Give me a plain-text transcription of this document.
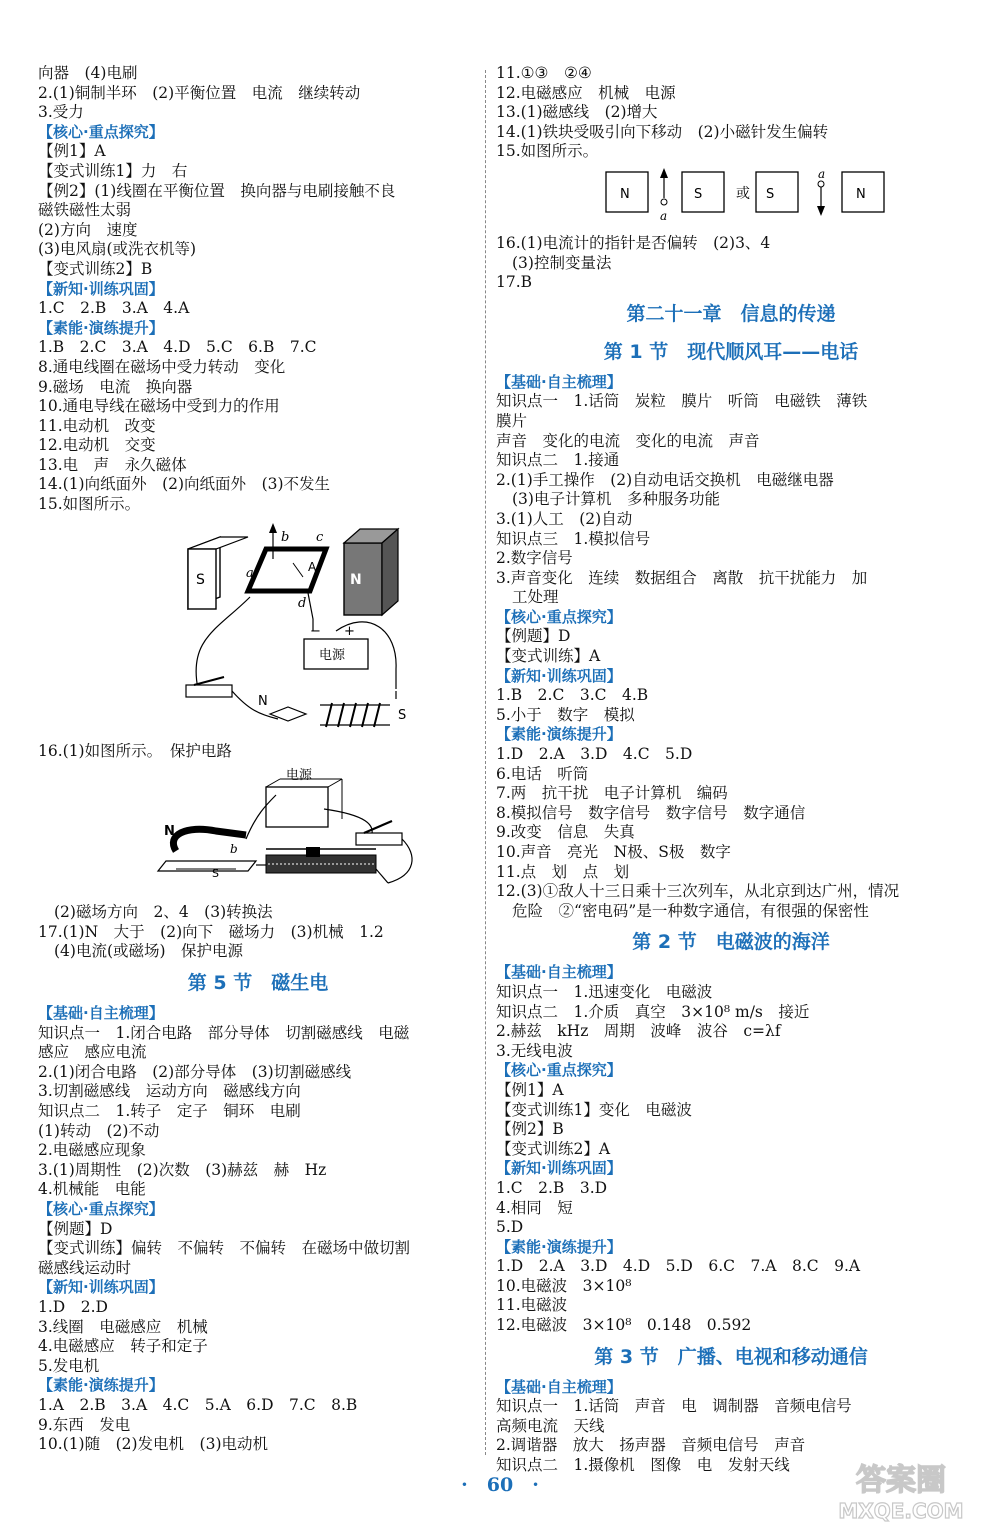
向器　(4)电刷
2.(1)铜制半环　(2)平衡位置　电流　继续转动
3.受力
【核心·重点探究】
【例1】A
【变式训练1】力　右
【例2】(1)线圈在平衡位置　换向器与电刷接触不良
磁铁磁性太弱
(2)方向　速度
(3)电风扇(或洗衣机等)
【变式训练2】B
【新知·训练巩固】
1.C　2.B　3.A　4.A
【素能·演练提升】
1.B　2.C　3.A　4.D　5.C　6.B　7.C
8.通电线圈在磁场中受力转动　变化
9.磁场　电流　换向器
10.通电导线在磁场中受到力的作用
11.电动机　改变
12.电动机　交变
13.电　声　永久磁体
14.(1)向纸面外　(2)向纸面外　(3)不发生
15.如图所示。
S	N
b
a
c
d
A
电源
− +
N
S
16.(1)如图所示。　保护电路
电源
N
b
S
(2)磁场方向　2、4　(3)转换法
17.(1)N　大于　(2)向下　磁场力　(3)机械　1.2
(4)电流(或磁场)　保护电源
第 5 节　磁生电
【基础·自主梳理】
知识点一　1.闭合电路　部分导体　切割磁感线　电磁
感应　感应电流
2.(1)闭合电路　(2)部分导体　(3)切割磁感线
3.切割磁感线　运动方向　磁感线方向
知识点二　1.转子　定子　铜环　电刷
(1)转动　(2)不动
2.电磁感应现象
3.(1)周期性　(2)次数　(3)赫兹　赫　Hz
4.机械能　电能
【核心·重点探究】
【例题】D
【变式训练】偏转　不偏转　不偏转　在磁场中做切割
磁感线运动时
【新知·训练巩固】
1.D　2.D
3.线圈　电磁感应　机械
4.电磁感应　转子和定子
5.发电机
【素能·演练提升】
1.A　2.B　3.A　4.C　5.A　6.D　7.C　8.B
9.东西　发电
10.(1)随　(2)发电机　(3)电动机
11.①③　②④
12.电磁感应　机械　电源
13.(1)磁感线　(2)增大
14.(1)铁块受吸引向下移动　(2)小磁针发生偏转
15.如图所示。
N
a
S 或 S
a
N
16.(1)电流计的指针是否偏转　(2)3、4
(3)控制变量法
17.B
第二十一章　信息的传递
第 1 节　现代顺风耳——电话
【基础·自主梳理】
知识点一　1.话筒　炭粒　膜片　听筒　电磁铁　薄铁
膜片
声音　变化的电流　变化的电流　声音
知识点二　1.接通
2.(1)手工操作　(2)自动电话交换机　电磁继电器
(3)电子计算机　多种服务功能
3.(1)人工　(2)自动
知识点三　1.模拟信号
2.数字信号
3.声音变化　连续　数据组合　离散　抗干扰能力　加
工处理
【核心·重点探究】
【例题】D
【变式训练】A
【新知·训练巩固】
1.B　2.C　3.C　4.B
5.小于　数字　模拟
【素能·演练提升】
1.D　2.A　3.D　4.C　5.D
6.电话　听筒
7.两　抗干扰　电子计算机　编码
8.模拟信号　数字信号　数字信号　数字通信
9.改变　信息　失真
10.声音　亮光　N极、S极　数字
11.点　划　点　划
12.(3)①敌人十三日乘十三次列车，从北京到达广州，情况
危险　②“密电码”是一种数字通信，有很强的保密性
第 2 节　电磁波的海洋
【基础·自主梳理】
知识点一　1.迅速变化　电磁波
知识点二　1.介质　真空　3×10⁸ m/s　接近
2.赫兹　kHz　周期　波峰　波谷　c=λf
3.无线电波
【核心·重点探究】
【例1】A
【变式训练1】变化　电磁波
【例2】B
【变式训练2】A
【新知·训练巩固】
1.C　2.B　3.D
4.相同　短
5.D
【素能·演练提升】
1.D　2.A　3.D　4.D　5.D　6.C　7.A　8.C　9.A
10.电磁波　3×10⁸
11.电磁波
12.电磁波　3×10⁸　0.148　0.592
第 3 节　广播、电视和移动通信
【基础·自主梳理】
知识点一　1.话筒　声音　电　调制器　音频电信号
高频电流　天线
2.调谐器　放大　扬声器　音频电信号　声音
知识点二　1.摄像机　图像　电　发射天线
·　60　·	答案圈
MXQE.COM
